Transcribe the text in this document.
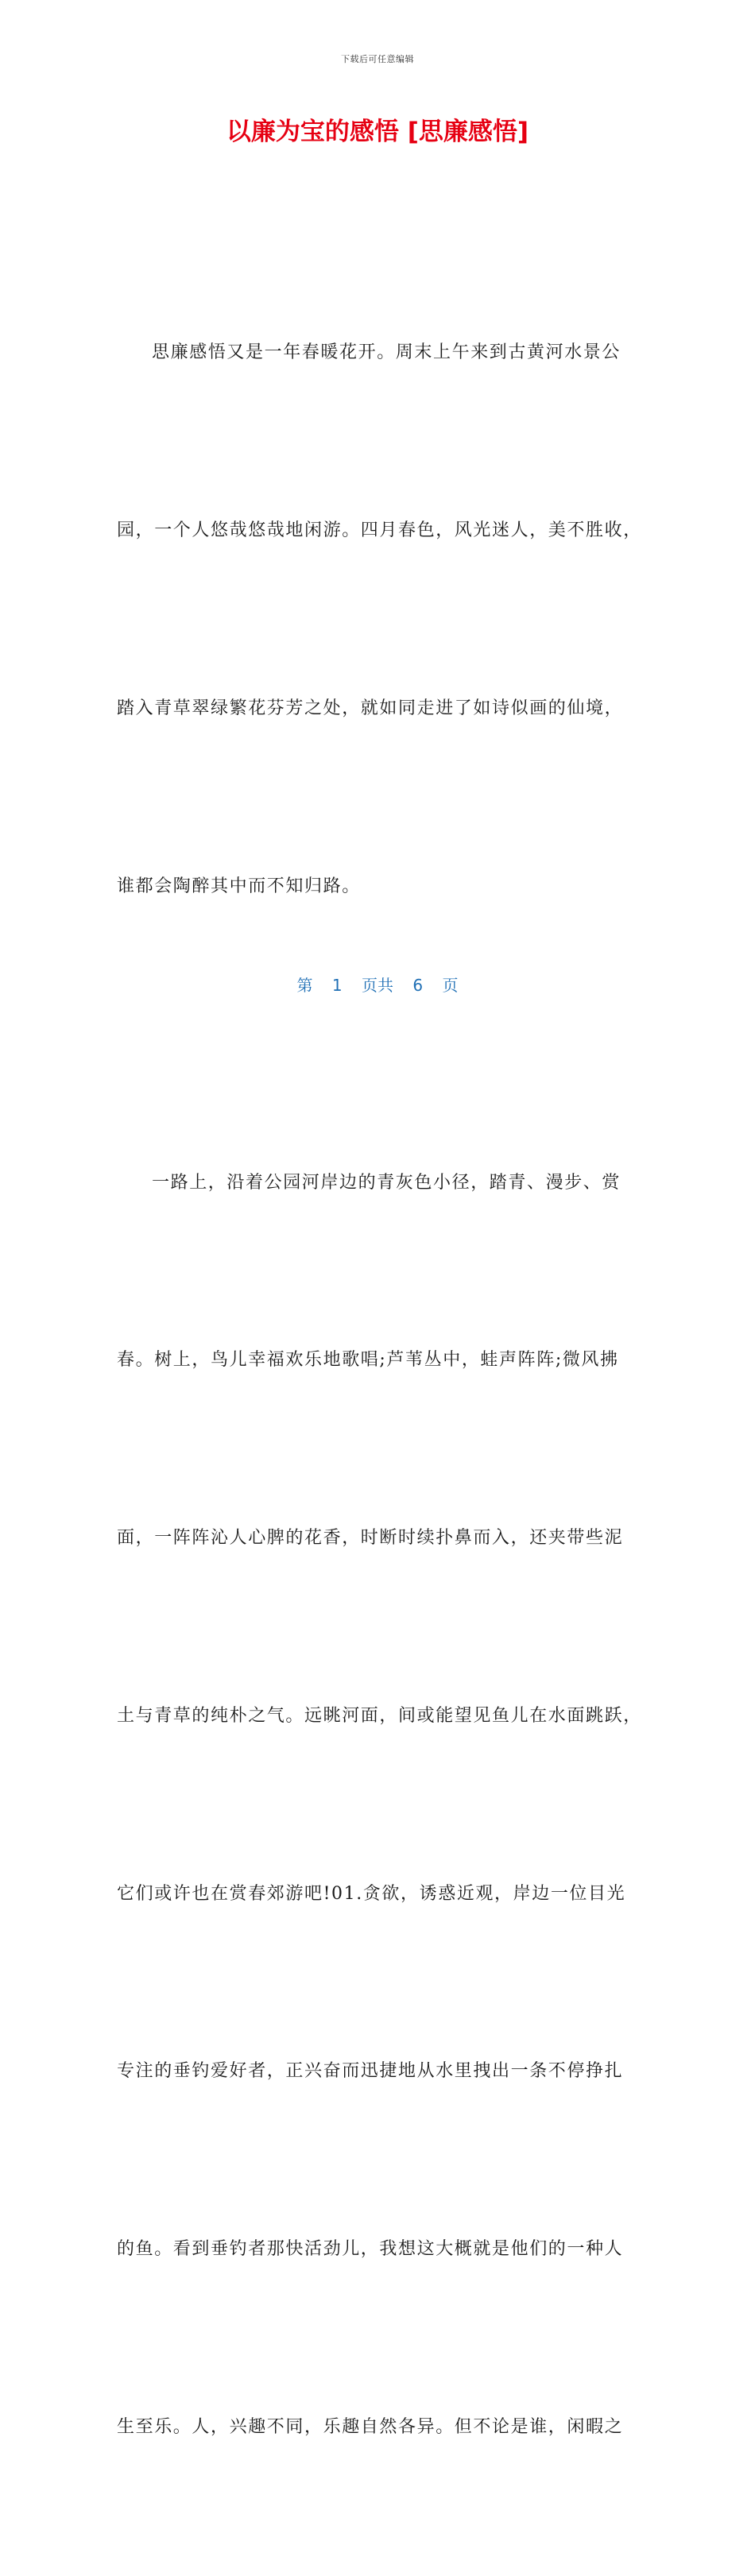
下载后可任意编辑
以廉为宝的感悟 [思廉感悟]

思廉感悟又是一年春暖花开。周末上午来到古黄河水景公

园，一个人悠哉悠哉地闲游。四月春色，风光迷人，美不胜收，

踏入青草翠绿繁花芬芳之处，就如同走进了如诗似画的仙境，

谁都会陶醉其中而不知归路。

一路上，沿着公园河岸边的青灰色小径，踏青、漫步、赏

春。树上，鸟儿幸福欢乐地歌唱;芦苇丛中，蛙声阵阵;微风拂

面，一阵阵沁人心脾的花香，时断时续扑鼻而入，还夹带些泥

土与青草的纯朴之气。远眺河面，间或能望见鱼儿在水面跳跃，

它们或许也在赏春郊游吧!01.贪欲，诱惑近观，岸边一位目光

专注的垂钓爱好者，正兴奋而迅捷地从水里拽出一条不停挣扎

的鱼。看到垂钓者那快活劲儿，我想这大概就是他们的一种人

生至乐。人，兴趣不同，乐趣自然各异。但不论是谁，闲暇之

第 1 页共 6 页
